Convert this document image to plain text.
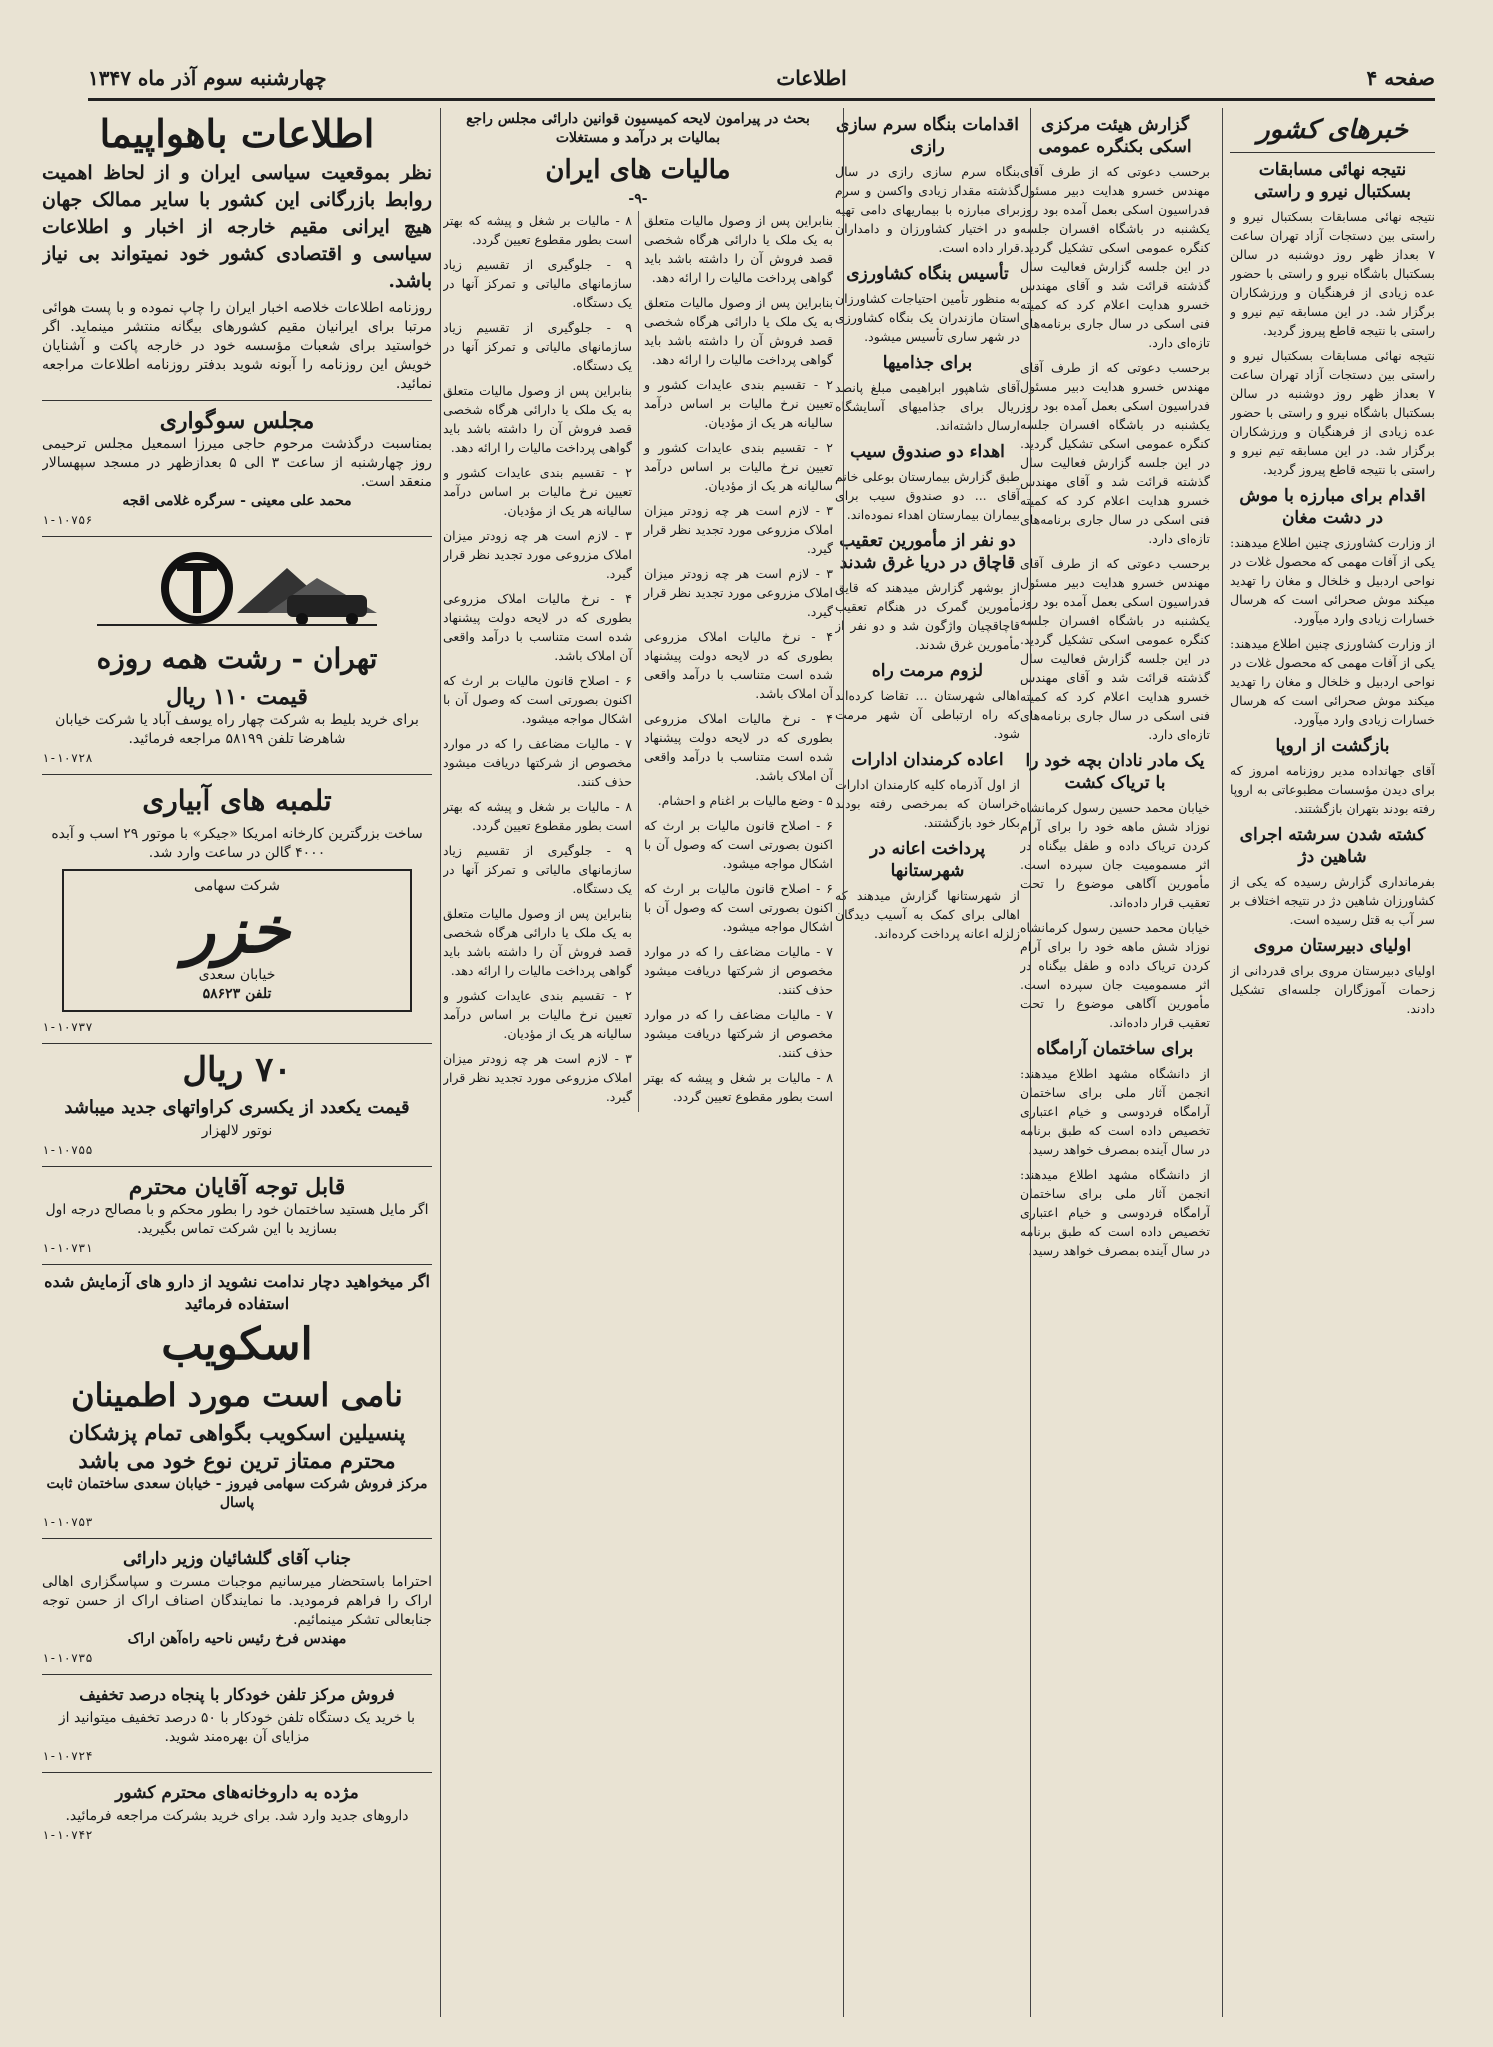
صفحه ۴
اطلاعات
چهارشنبه سوم آذر ماه ۱۳۴۷
خبرهای کشور
نتیجه نهائی مسابقات بسکتبال نیرو و راستی

نتیجه نهائی مسابقات بسکتبال نیرو و راستی بین دستجات آزاد تهران ساعت ۷ بعداز ظهر روز دوشنبه در سالن بسکتبال باشگاه نیرو و راستی با حضور عده زیادی از فرهنگیان و ورزشکاران برگزار شد. در این مسابقه تیم نیرو و راستی با نتیجه قاطع پیروز گردید.

نتیجه نهائی مسابقات بسکتبال نیرو و راستی بین دستجات آزاد تهران ساعت ۷ بعداز ظهر روز دوشنبه در سالن بسکتبال باشگاه نیرو و راستی با حضور عده زیادی از فرهنگیان و ورزشکاران برگزار شد. در این مسابقه تیم نیرو و راستی با نتیجه قاطع پیروز گردید.

اقدام برای مبارزه با موش در دشت مغان

از وزارت کشاورزی چنین اطلاع میدهند: یکی از آفات مهمی که محصول غلات در نواحی اردبیل و خلخال و مغان را تهدید میکند موش صحرائی است که هرسال خسارات زیادی وارد میآورد.

از وزارت کشاورزی چنین اطلاع میدهند: یکی از آفات مهمی که محصول غلات در نواحی اردبیل و خلخال و مغان را تهدید میکند موش صحرائی است که هرسال خسارات زیادی وارد میآورد.

بازگشت از اروپا

آقای جهانداده مدیر روزنامه امروز که برای دیدن مؤسسات مطبوعاتی به اروپا رفته بودند بتهران بازگشتند.

کشته شدن سرشته اجرای شاهین دژ

بفرمانداری گزارش رسیده که یکی از کشاورزان شاهین دژ در نتیجه اختلاف بر سر آب به قتل رسیده است.

اولیای دبیرستان مروی

اولیای دبیرستان مروی برای قدردانی از زحمات آموزگاران جلسه‌ای تشکیل دادند.

گزارش هیئت مرکزی اسکی بکنگره عمومی

برحسب دعوتی که از طرف آقای مهندس خسرو هدایت دبیر مسئول فدراسیون اسکی بعمل آمده بود روز یکشنبه در باشگاه افسران جلسه کنگره عمومی اسکی تشکیل گردید. در این جلسه گزارش فعالیت سال گذشته قرائت شد و آقای مهندس خسرو هدایت اعلام کرد که کمیته فنی اسکی در سال جاری برنامه‌های تازه‌ای دارد.

برحسب دعوتی که از طرف آقای مهندس خسرو هدایت دبیر مسئول فدراسیون اسکی بعمل آمده بود روز یکشنبه در باشگاه افسران جلسه کنگره عمومی اسکی تشکیل گردید. در این جلسه گزارش فعالیت سال گذشته قرائت شد و آقای مهندس خسرو هدایت اعلام کرد که کمیته فنی اسکی در سال جاری برنامه‌های تازه‌ای دارد.

برحسب دعوتی که از طرف آقای مهندس خسرو هدایت دبیر مسئول فدراسیون اسکی بعمل آمده بود روز یکشنبه در باشگاه افسران جلسه کنگره عمومی اسکی تشکیل گردید. در این جلسه گزارش فعالیت سال گذشته قرائت شد و آقای مهندس خسرو هدایت اعلام کرد که کمیته فنی اسکی در سال جاری برنامه‌های تازه‌ای دارد.

یک مادر نادان بچه خود را با تریاک کشت

خیابان محمد حسین رسول کرمانشاه نوزاد شش ماهه خود را برای آرام کردن تریاک داده و طفل بیگناه در اثر مسمومیت جان سپرده است. مأمورین آگاهی موضوع را تحت تعقیب قرار داده‌اند.

خیابان محمد حسین رسول کرمانشاه نوزاد شش ماهه خود را برای آرام کردن تریاک داده و طفل بیگناه در اثر مسمومیت جان سپرده است. مأمورین آگاهی موضوع را تحت تعقیب قرار داده‌اند.

برای ساختمان آرامگاه

از دانشگاه مشهد اطلاع میدهند: انجمن آثار ملی برای ساختمان آرامگاه فردوسی و خیام اعتباری تخصیص داده است که طبق برنامه در سال آینده بمصرف خواهد رسید.

از دانشگاه مشهد اطلاع میدهند: انجمن آثار ملی برای ساختمان آرامگاه فردوسی و خیام اعتباری تخصیص داده است که طبق برنامه در سال آینده بمصرف خواهد رسید.

اقدامات بنگاه سرم سازی رازی

بنگاه سرم سازی رازی در سال گذشته مقدار زیادی واکسن و سرم برای مبارزه با بیماریهای دامی تهیه و در اختیار کشاورزان و دامداران قرار داده است.

تأسیس بنگاه کشاورزی

به منظور تأمین احتیاجات کشاورزان استان مازندران یک بنگاه کشاورزی در شهر ساری تأسیس میشود.

برای جذامیها

آقای شاهپور ابراهیمی مبلغ پانصد ریال برای جذامیهای آسایشگاه ارسال داشته‌اند.

اهداء دو صندوق سیب

طبق گزارش بیمارستان بوعلی خانم آقای ... دو صندوق سیب برای بیماران بیمارستان اهداء نموده‌اند.

دو نفر از مأمورین تعقیب قاچاق در دریا غرق شدند

از بوشهر گزارش میدهند که قایق مأمورین گمرک در هنگام تعقیب قاچاقچیان واژگون شد و دو نفر از مأمورین غرق شدند.

لزوم مرمت راه

اهالی شهرستان ... تقاضا کرده‌اند که راه ارتباطی آن شهر مرمت شود.

اعاده کرمندان ادارات

از اول آذرماه کلیه کارمندان ادارات خراسان که بمرخصی رفته بودند بکار خود بازگشتند.

پرداخت اعانه در شهرستانها

از شهرستانها گزارش میدهند که اهالی برای کمک به آسیب دیدگان زلزله اعانه پرداخت کرده‌اند.

بحث در پیرامون لایحه کمیسیون قوانین دارائی مجلس راجع بمالیات بر درآمد و مستغلات
مالیات های ایران
-۹-

بنابراین پس از وصول مالیات متعلق به یک ملک یا دارائی هرگاه شخصی قصد فروش آن را داشته باشد باید گواهی پرداخت مالیات را ارائه دهد.

بنابراین پس از وصول مالیات متعلق به یک ملک یا دارائی هرگاه شخصی قصد فروش آن را داشته باشد باید گواهی پرداخت مالیات را ارائه دهد.

۲ - تقسیم بندی عایدات کشور و تعیین نرخ مالیات بر اساس درآمد سالیانه هر یک از مؤدیان.

۲ - تقسیم بندی عایدات کشور و تعیین نرخ مالیات بر اساس درآمد سالیانه هر یک از مؤدیان.

۳ - لازم است هر چه زودتر میزان املاک مزروعی مورد تجدید نظر قرار گیرد.

۳ - لازم است هر چه زودتر میزان املاک مزروعی مورد تجدید نظر قرار گیرد.

۴ - نرخ مالیات املاک مزروعی بطوری که در لایحه دولت پیشنهاد شده است متناسب با درآمد واقعی آن املاک باشد.

۴ - نرخ مالیات املاک مزروعی بطوری که در لایحه دولت پیشنهاد شده است متناسب با درآمد واقعی آن املاک باشد.

۵ - وضع مالیات بر اغنام و احشام.

۶ - اصلاح قانون مالیات بر ارث که اکنون بصورتی است که وصول آن با اشکال مواجه میشود.

۶ - اصلاح قانون مالیات بر ارث که اکنون بصورتی است که وصول آن با اشکال مواجه میشود.

۷ - مالیات مضاعف را که در موارد مخصوص از شرکتها دریافت میشود حذف کنند.

۷ - مالیات مضاعف را که در موارد مخصوص از شرکتها دریافت میشود حذف کنند.

۸ - مالیات بر شغل و پیشه که بهتر است بطور مقطوع تعیین گردد.

۸ - مالیات بر شغل و پیشه که بهتر است بطور مقطوع تعیین گردد.

۹ - جلوگیری از تقسیم زیاد سازمانهای مالیاتی و تمرکز آنها در یک دستگاه.

۹ - جلوگیری از تقسیم زیاد سازمانهای مالیاتی و تمرکز آنها در یک دستگاه.

بنابراین پس از وصول مالیات متعلق به یک ملک یا دارائی هرگاه شخصی قصد فروش آن را داشته باشد باید گواهی پرداخت مالیات را ارائه دهد.

۲ - تقسیم بندی عایدات کشور و تعیین نرخ مالیات بر اساس درآمد سالیانه هر یک از مؤدیان.

۳ - لازم است هر چه زودتر میزان املاک مزروعی مورد تجدید نظر قرار گیرد.

۴ - نرخ مالیات املاک مزروعی بطوری که در لایحه دولت پیشنهاد شده است متناسب با درآمد واقعی آن املاک باشد.

۶ - اصلاح قانون مالیات بر ارث که اکنون بصورتی است که وصول آن با اشکال مواجه میشود.

۷ - مالیات مضاعف را که در موارد مخصوص از شرکتها دریافت میشود حذف کنند.

۸ - مالیات بر شغل و پیشه که بهتر است بطور مقطوع تعیین گردد.

۹ - جلوگیری از تقسیم زیاد سازمانهای مالیاتی و تمرکز آنها در یک دستگاه.

بنابراین پس از وصول مالیات متعلق به یک ملک یا دارائی هرگاه شخصی قصد فروش آن را داشته باشد باید گواهی پرداخت مالیات را ارائه دهد.

۲ - تقسیم بندی عایدات کشور و تعیین نرخ مالیات بر اساس درآمد سالیانه هر یک از مؤدیان.

۳ - لازم است هر چه زودتر میزان املاک مزروعی مورد تجدید نظر قرار گیرد.

اطلاعات باهواپیما
نظر بموقعیت سیاسی ایران و از لحاظ اهمیت روابط بازرگانی این کشور با سایر ممالک جهان هیچ ایرانی مقیم خارجه از اخبار و اطلاعات سیاسی و اقتصادی کشور خود نمیتواند بی نیاز باشد.
روزنامه اطلاعات خلاصه اخبار ایران را چاپ نموده و با پست هوائی مرتبا برای ایرانیان مقیم کشورهای بیگانه منتشر مینماید. اگر خواستید برای شعبات مؤسسه خود در خارجه پاکت و آشنایان خویش این روزنامه را آبونه شوید بدفتر روزنامه اطلاعات مراجعه نمائید.
مجلس سوگواری
بمناسبت درگذشت مرحوم حاجی میرزا اسمعیل مجلس ترحیمی روز چهارشنبه از ساعت ۳ الی ۵ بعدازظهر در مسجد سپهسالار منعقد است.
محمد علی معینی - سرگره غلامی اقجه
۱-۱۰۷۵۶
تهران - رشت همه روزه
قیمت ۱۱۰ ریال
برای خرید بلیط به شرکت چهار راه یوسف آباد یا شرکت خیابان شاهرضا تلفن ۵۸۱۹۹ مراجعه فرمائید.
۱-۱۰۷۲۸
تلمبه های آبیاری
ساخت بزرگترین کارخانه امریکا «جیکر» با موتور ۲۹ اسب و آبده ۴۰۰۰ گالن در ساعت وارد شد.
شرکت سهامی
خزر
خیابان سعدی
تلفن ۵۸۶۲۳
۱-۱۰۷۳۷
۷۰ ریال
قیمت یکعدد از یکسری کراواتهای جدید میباشد
نوتور لالهزار
۱-۱۰۷۵۵
قابل توجه آقایان محترم
اگر مایل هستید ساختمان خود را بطور محکم و با مصالح درجه اول بسازید با این شرکت تماس بگیرید.
۱-۱۰۷۳۱
اگر میخواهید دچار ندامت نشوید از دارو های آزمایش شده استفاده فرمائید
اسکویب
نامی است مورد اطمینان
پنسیلین اسکویب بگواهی تمام پزشکان محترم ممتاز ترین نوع خود می باشد
مرکز فروش شرکت سهامی فیروز - خیابان سعدی ساختمان ثابت پاسال
۱-۱۰۷۵۳
جناب آقای گلشائیان وزیر دارائی
احتراما باستحضار میرسانیم موجبات مسرت و سپاسگزاری اهالی اراک را فراهم فرمودید. ما نمایندگان اصناف اراک از حسن توجه جنابعالی تشکر مینمائیم.
مهندس فرخ رئیس ناحیه راه‌آهن اراک
۱-۱۰۷۳۵
فروش مرکز تلفن خودکار با پنجاه درصد تخفیف
با خرید یک دستگاه تلفن خودکار با ۵۰ درصد تخفیف میتوانید از مزایای آن بهره‌مند شوید.
۱-۱۰۷۲۴
مژده به داروخانه‌های محترم کشور
داروهای جدید وارد شد. برای خرید بشرکت مراجعه فرمائید.
۱-۱۰۷۴۲
